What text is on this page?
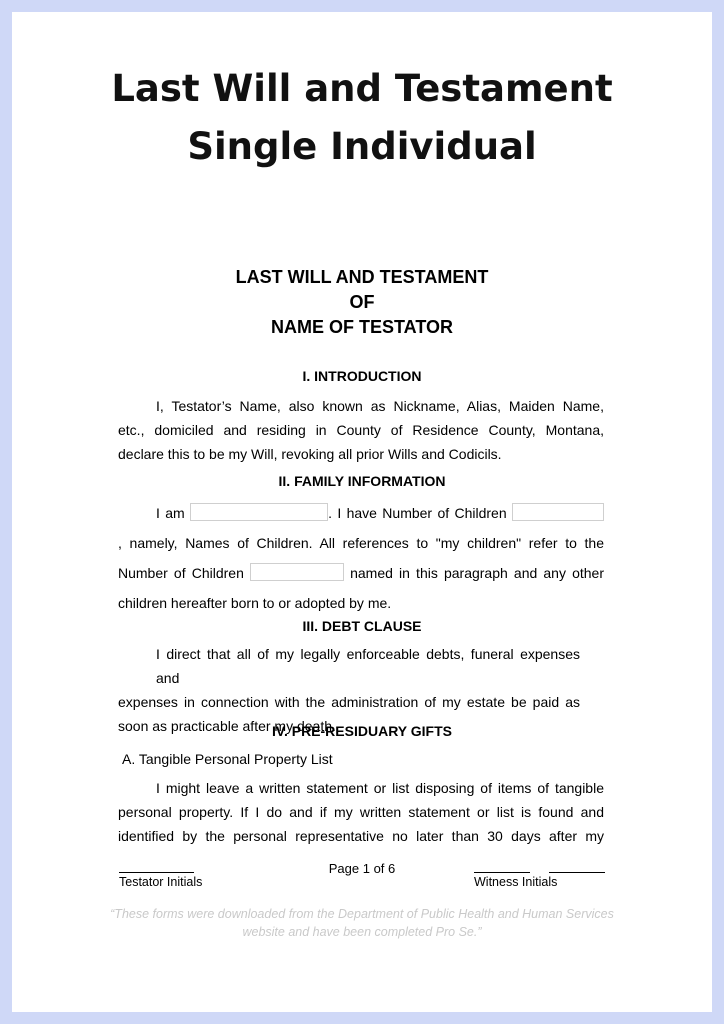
Last Will and Testament
Single Individual
LAST WILL AND TESTAMENT
OF
NAME OF TESTATOR
I. INTRODUCTION
I, Testator’s Name, also known as Nickname, Alias, Maiden Name,
etc., domiciled and residing in County of Residence County, Montana,
declare this to be my Will, revoking all prior Wills and Codicils.
II. FAMILY INFORMATION
I am	. I have Number of Children
, namely, Names of Children. All references to "my children" refer to the
Number of Children	named in this paragraph and any other
children hereafter born to or adopted by me.
III. DEBT CLAUSE
I direct that all of my legally enforceable debts, funeral expenses and
expenses in connection with the administration of my estate be paid as
soon as practicable after my death.
IV. PRE-RESIDUARY GIFTS
A. Tangible Personal Property List
I might leave a written statement or list disposing of items of tangible
personal property. If I do and if my written statement or list is found and
identified by the personal representative no later than 30 days after my
Page 1 of 6
Testator Initials	Witness Initials
“These forms were downloaded from the Department of Public Health and Human Services website and have been completed Pro Se.”
